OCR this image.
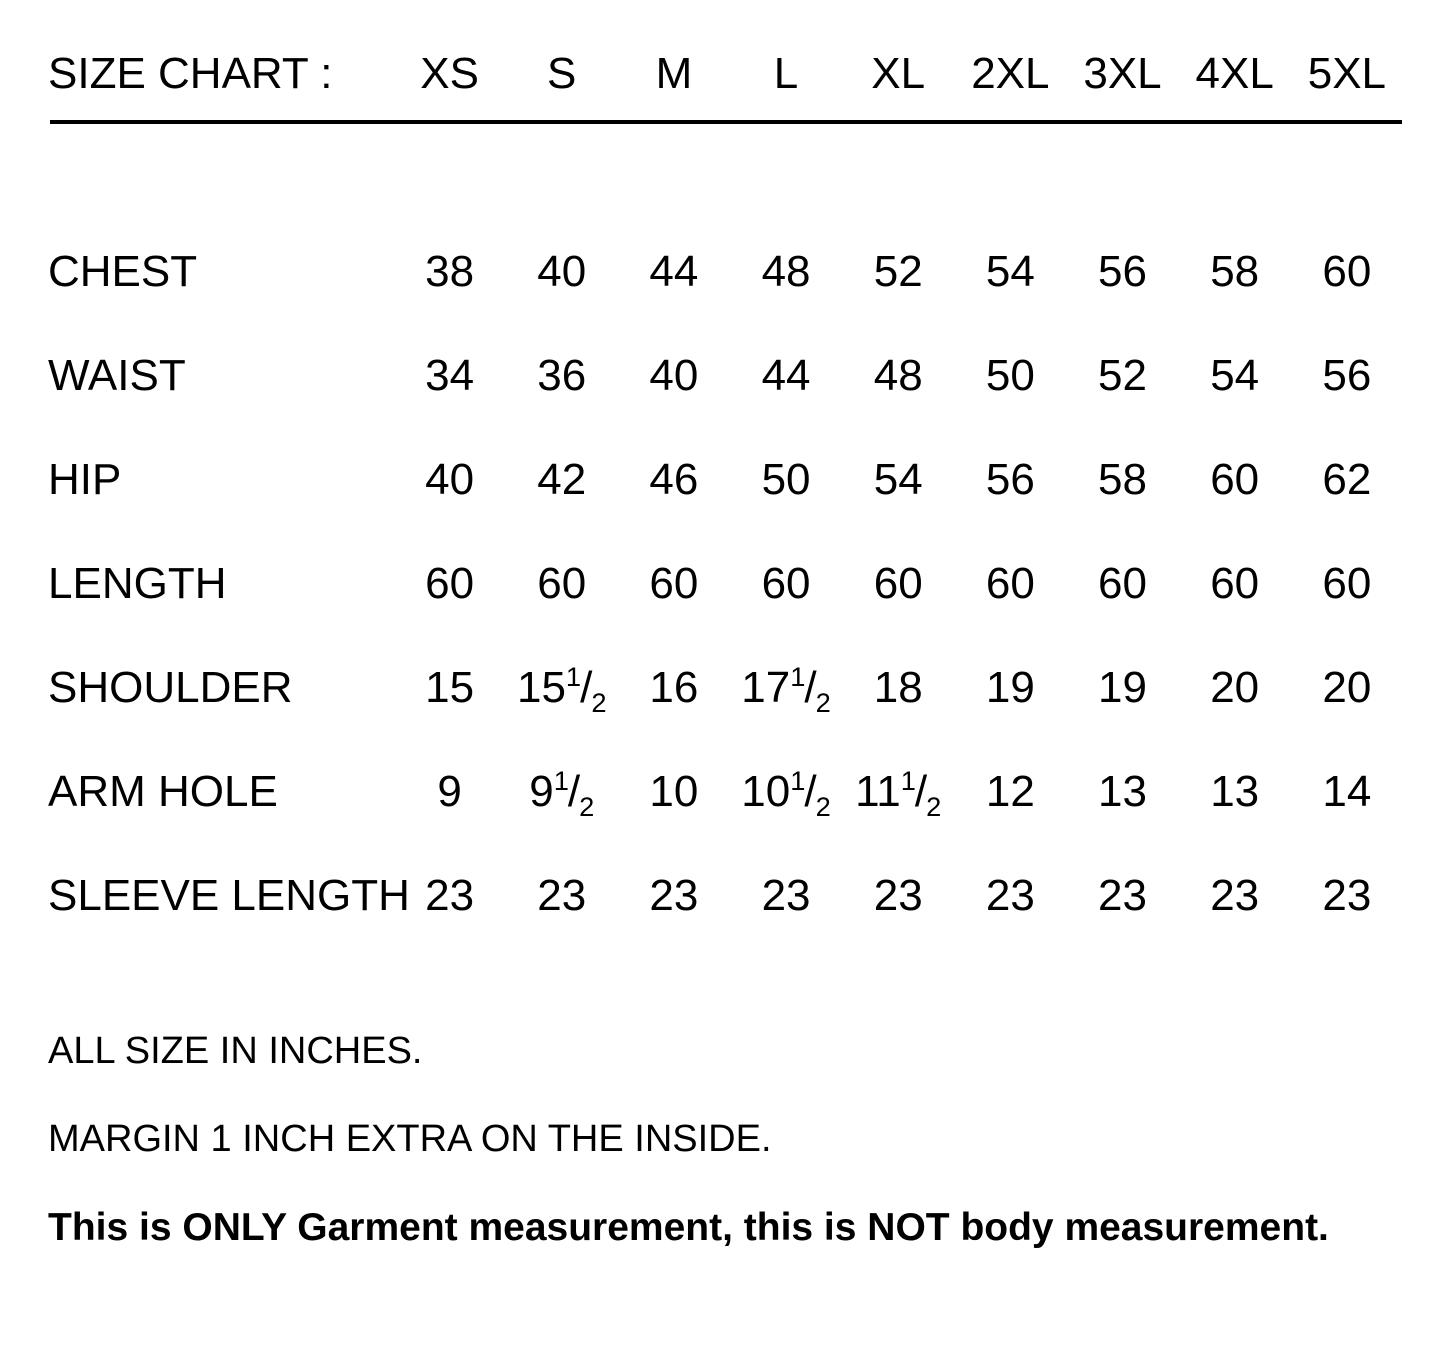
SIZE CHART :	XS	S	M	L	XL	2XL	3XL	4XL	5XL

CHEST	38	40	44	48	52	54	56	58	60
WAIST	34	36	40	44	48	50	52	54	56
HIP	40	42	46	50	54	56	58	60	62
LENGTH	60	60	60	60	60	60	60	60	60
SHOULDER	15	$15^1/_2$	16	$17^1/_2$	18	19	19	20	20
ARM HOLE	9	$9^1/_2$	10	$10^1/_2$	$11^1/_2$	12	13	13	14
SLEEVE LENGTH	23	23	23	23	23	23	23	23	23
ALL SIZE IN INCHES.
MARGIN 1 INCH EXTRA ON THE INSIDE.
This is ONLY Garment measurement, this is NOT body measurement.
